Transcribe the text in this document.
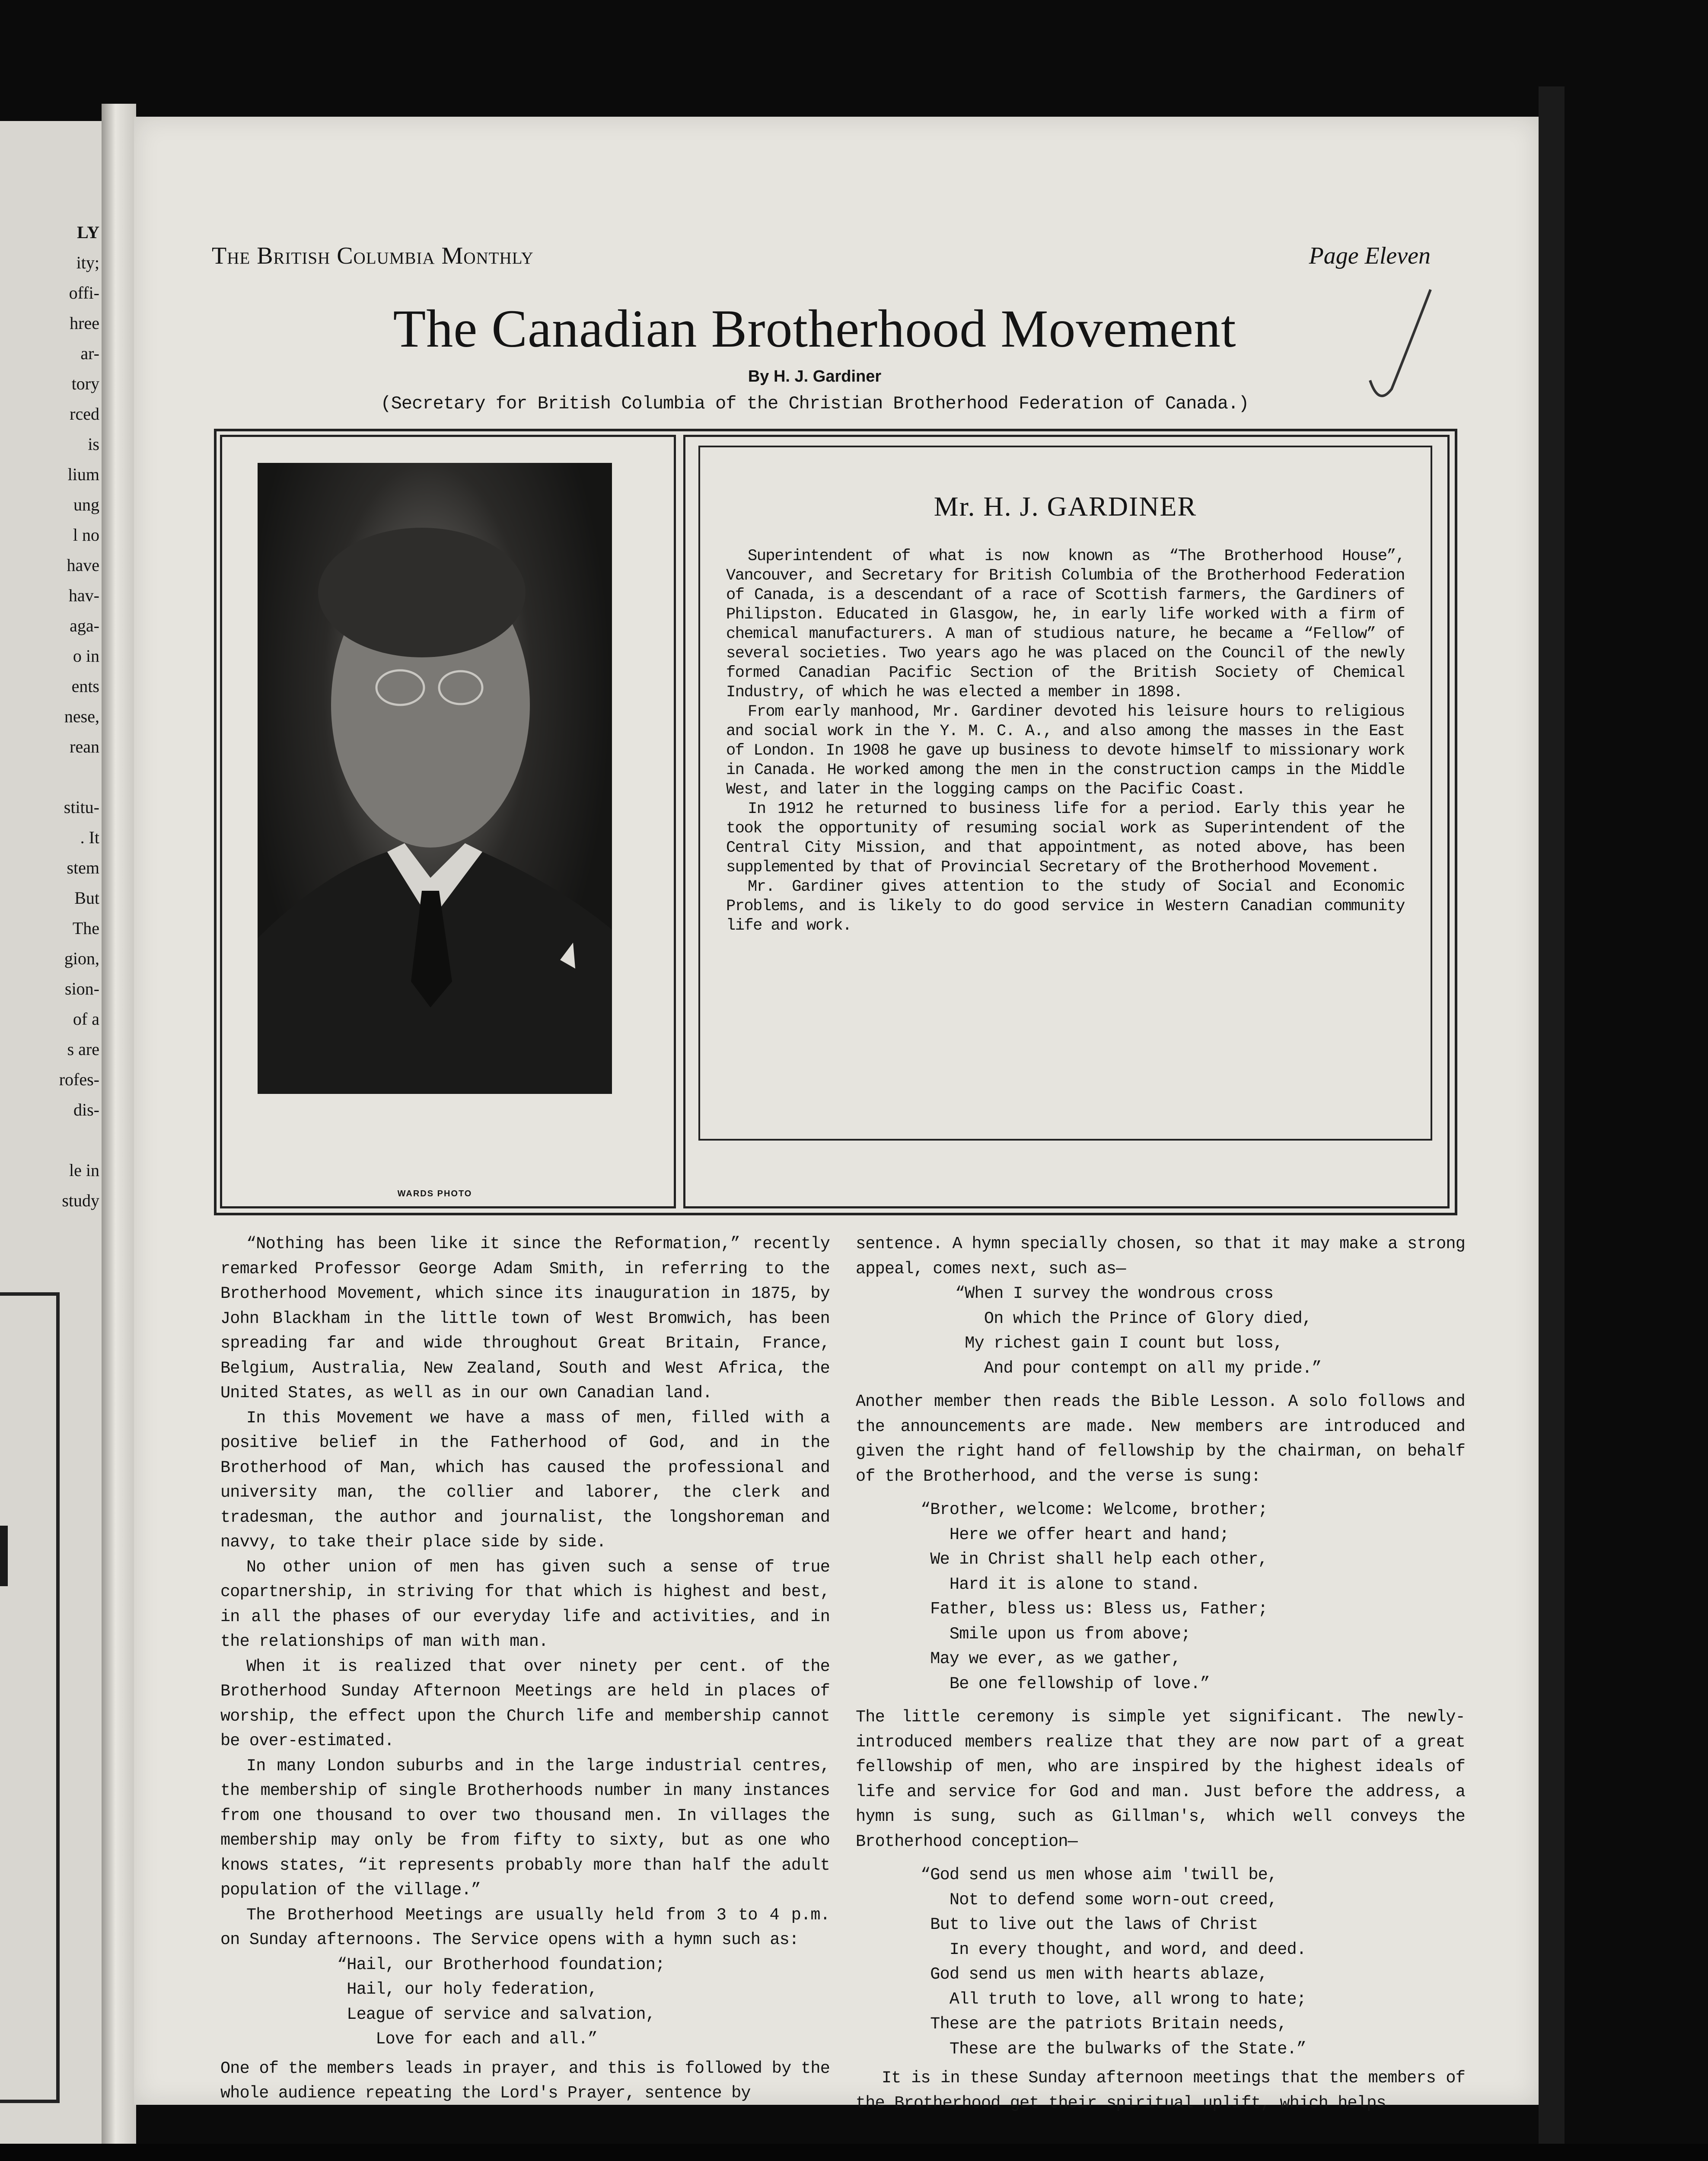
LY
ity;
offi-
hree
ar-
tory
rced
is
lium
ung
l no
have
hav-
aga-
o in
ents
nese,
rean
stitu-
. It
stem
But
The
gion,
sion-
of a
s are
rofes-
dis-
le in
study
The British Columbia Monthly	Page Eleven
The Canadian Brotherhood Movement
By H. J. Gardiner
(Secretary for British Columbia of the Christian Brotherhood Federation of Canada.)
WARDS PHOTO
Mr. H. J. GARDINER

Superintendent of what is now known as “The Brotherhood House”, Vancouver, and Secretary for British Columbia of the Brotherhood Federation of Canada, is a descendant of a race of Scottish farmers, the Gardiners of Philipston. Educated in Glasgow, he, in early life worked with a firm of chemical manufacturers. A man of studious nature, he became a “Fellow” of several societies. Two years ago he was placed on the Council of the newly formed Canadian Pacific Section of the British Society of Chemical Industry, of which he was elected a member in 1898.

From early manhood, Mr. Gardiner devoted his leisure hours to religious and social work in the Y. M. C. A., and also among the masses in the East of London. In 1908 he gave up business to devote himself to missionary work in Canada. He worked among the men in the construction camps in the Middle West, and later in the logging camps on the Pacific Coast.

In 1912 he returned to business life for a period. Early this year he took the opportunity of resuming social work as Superintendent of the Central City Mission, and that appointment, as noted above, has been supplemented by that of Provincial Secretary of the Brotherhood Movement.

Mr. Gardiner gives attention to the study of Social and Economic Problems, and is likely to do good service in Western Canadian community life and work.

“Nothing has been like it since the Reformation,” recently remarked Professor George Adam Smith, in referring to the Brotherhood Movement, which since its inauguration in 1875, by John Blackham in the little town of West Bromwich, has been spreading far and wide throughout Great Britain, France, Belgium, Australia, New Zealand, South and West Africa, the United States, as well as in our own Canadian land.

In this Movement we have a mass of men, filled with a positive belief in the Fatherhood of God, and in the Brotherhood of Man, which has caused the professional and university man, the collier and laborer, the clerk and tradesman, the author and journalist, the longshoreman and navvy, to take their place side by side.

No other union of men has given such a sense of true copartnership, in striving for that which is highest and best, in all the phases of our everyday life and activities, and in the relationships of man with man.

When it is realized that over ninety per cent. of the Brotherhood Sunday Afternoon Meetings are held in places of worship, the effect upon the Church life and membership cannot be over-estimated.

In many London suburbs and in the large industrial centres, the membership of single Brotherhoods number in many instances from one thousand to over two thousand men. In villages the membership may only be from fifty to sixty, but as one who knows states, “it represents probably more than half the adult population of the village.”

The Brotherhood Meetings are usually held from 3 to 4 p.m. on Sunday afternoons. The Service opens with a hymn such as:

“Hail, our Brotherhood foundation;
Hail, our holy federation,
League of service and salvation,
Love for each and all.”

One of the members leads in prayer, and this is followed by the whole audience repeating the Lord's Prayer, sentence by

sentence. A hymn specially chosen, so that it may make a strong appeal, comes next, such as—

“When I survey the wondrous cross
On which the Prince of Glory died,
My richest gain I count but loss,
And pour contempt on all my pride.”

Another member then reads the Bible Lesson. A solo follows and the announcements are made. New members are introduced and given the right hand of fellowship by the chairman, on behalf of the Brotherhood, and the verse is sung:

“Brother, welcome: Welcome, brother;
Here we offer heart and hand;
We in Christ shall help each other,
Hard it is alone to stand.
Father, bless us: Bless us, Father;
Smile upon us from above;
May we ever, as we gather,
Be one fellowship of love.”

The little ceremony is simple yet significant. The newly-introduced members realize that they are now part of a great fellowship of men, who are inspired by the highest ideals of life and service for God and man. Just before the address, a hymn is sung, such as Gillman's, which well conveys the Brotherhood conception—

“God send us men whose aim 'twill be,
Not to defend some worn-out creed,
But to live out the laws of Christ
In every thought, and word, and deed.
God send us men with hearts ablaze,
All truth to love, all wrong to hate;
These are the patriots Britain needs,
These are the bulwarks of the State.”

It is in these Sunday afternoon meetings that the members of the Brotherhood get their spiritual uplift, which helps
